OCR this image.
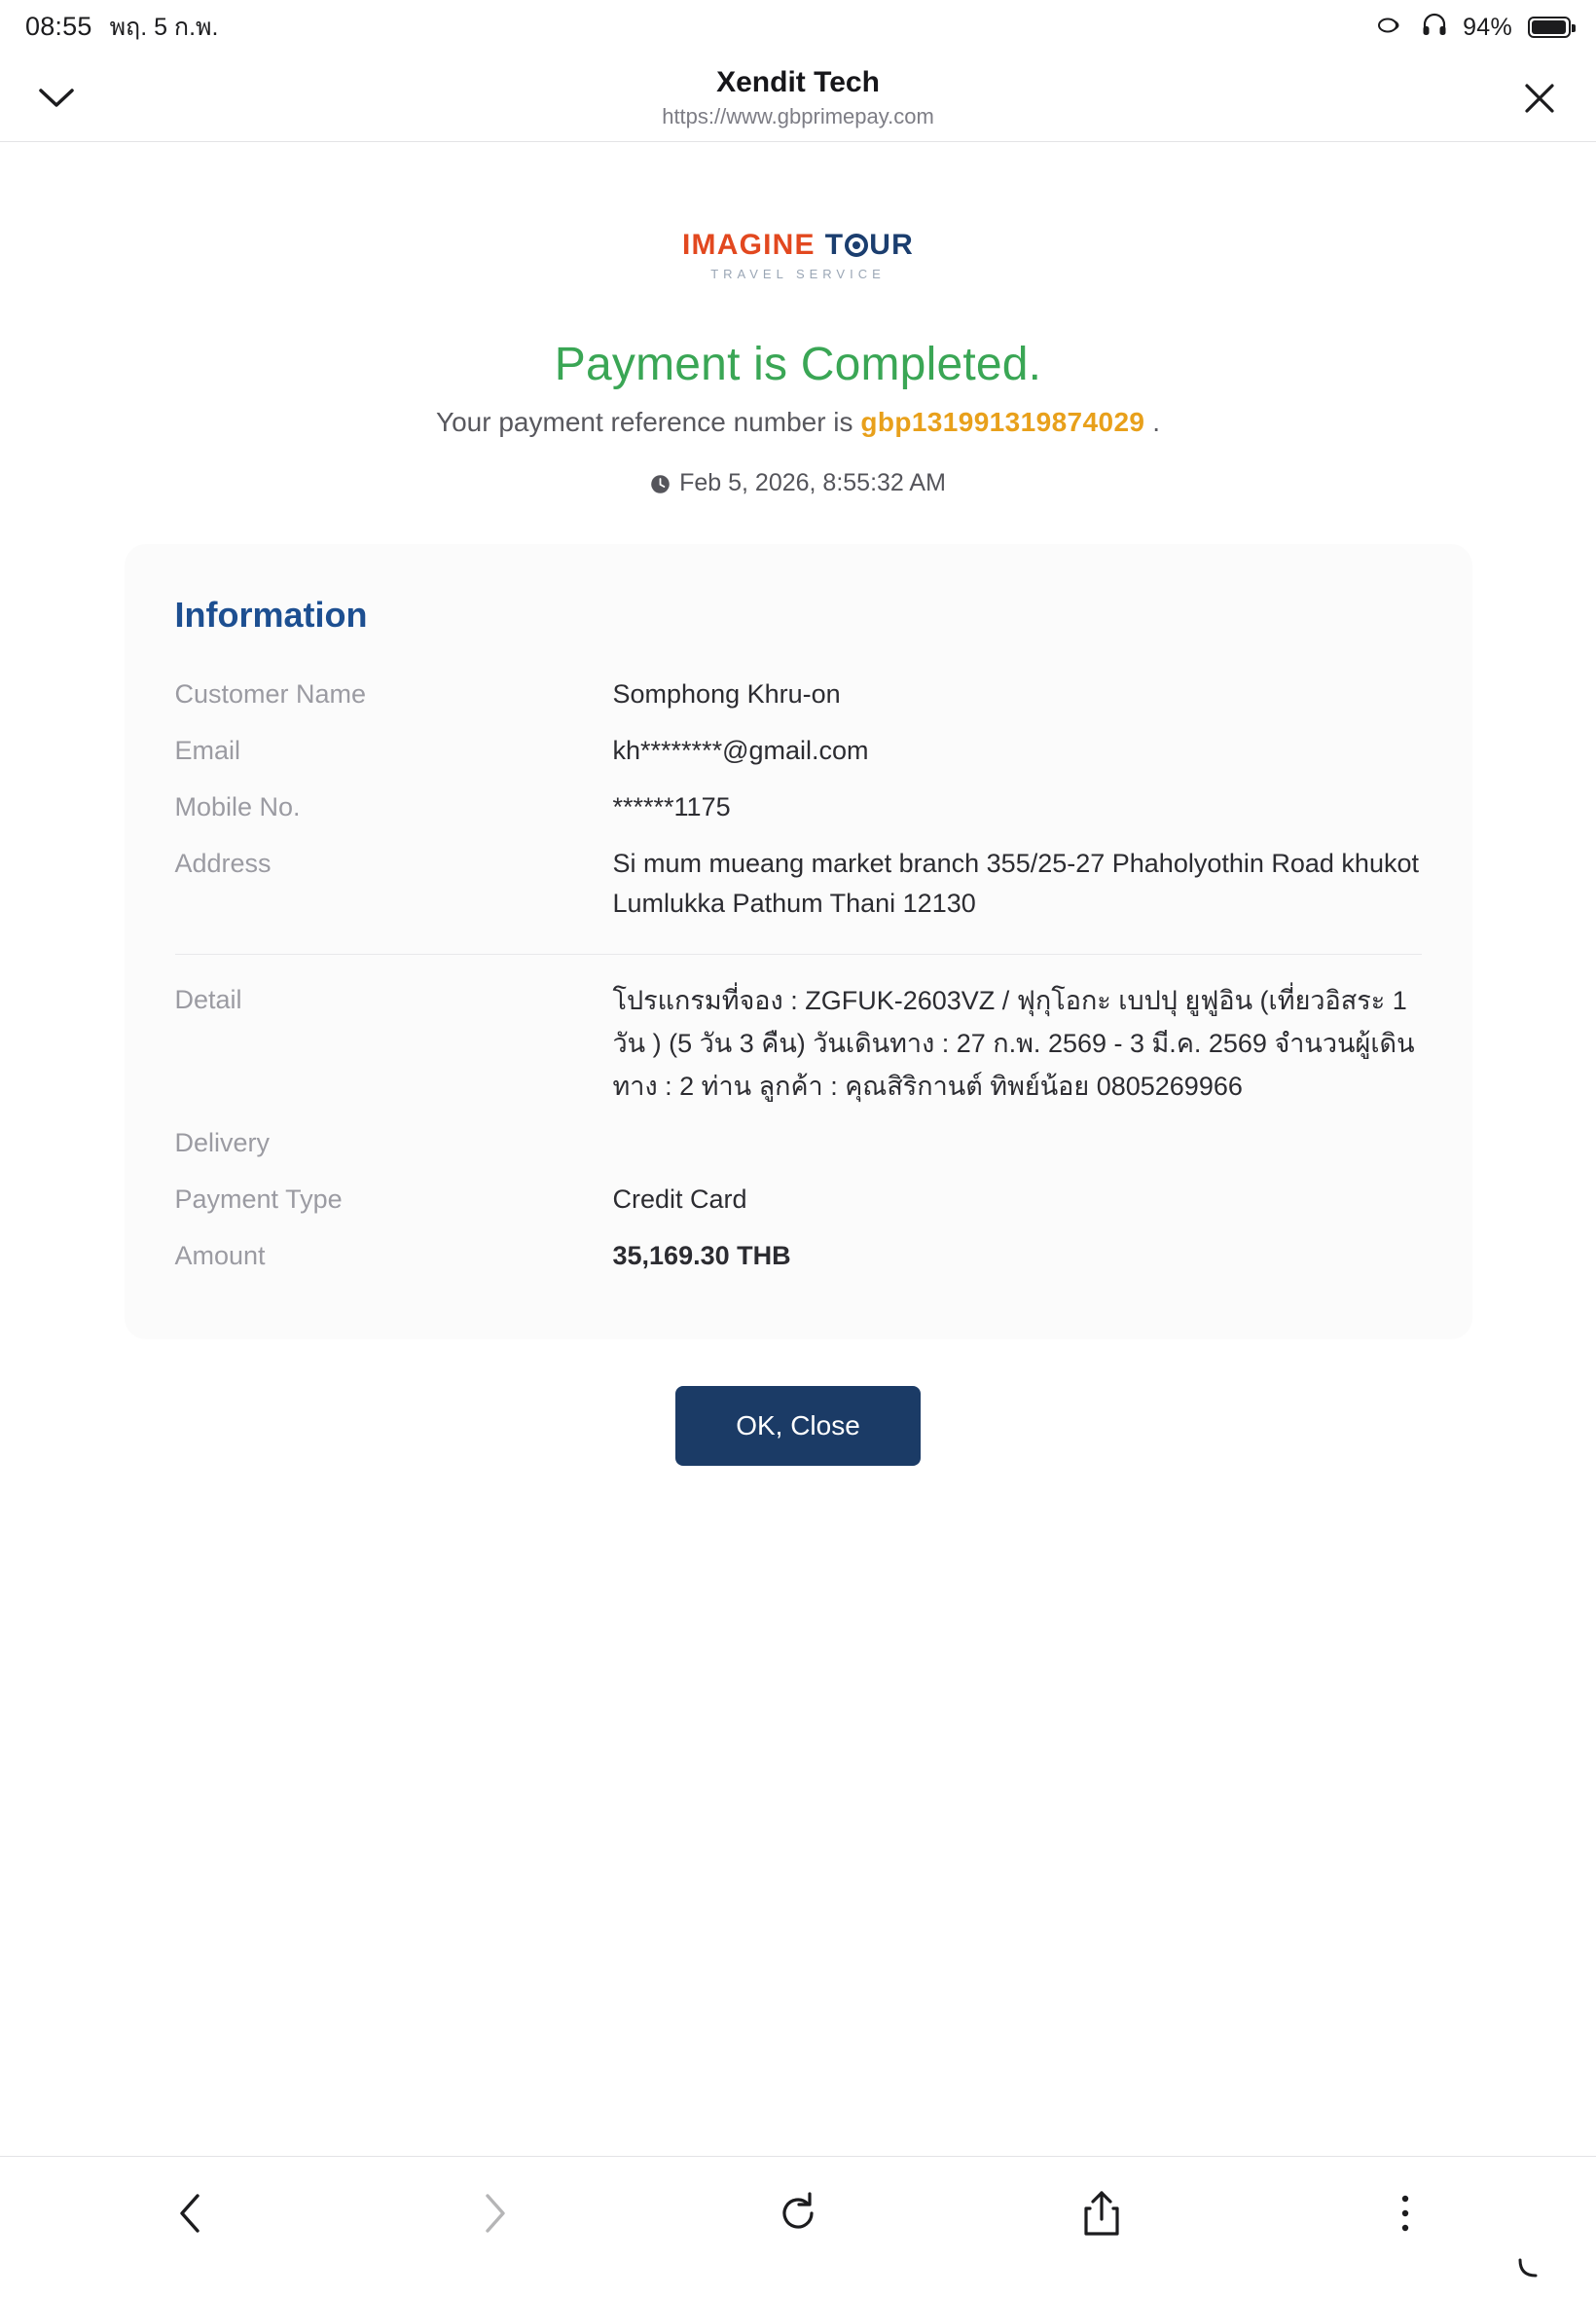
08:55 พฤ. 5 ก.พ.	94%
Xendit Tech
https://www.gbprimepay.com
IMAGINE T UR
TRAVEL SERVICE
Payment is Completed.
Your payment reference number is gbp131991319874029 .
Feb 5, 2026, 8:55:32 AM
Information
Customer Name	Somphong Khru-on
Email	kh********@gmail.com
Mobile No.	******1175
Address	Si mum mueang market branch 355/25-27 Phaholyothin Road khukot Lumlukka Pathum Thani 12130
Detail	โปรแกรมที่จอง : ZGFUK-2603VZ / ฟุกุโอกะ เบปปุ ยูฟูอิน (เที่ยวอิสระ 1 วัน ) (5 วัน 3 คืน) วันเดินทาง : 27 ก.พ. 2569 - 3 มี.ค. 2569 จำนวนผู้เดินทาง : 2 ท่าน ลูกค้า : คุณสิริกานต์ ทิพย์น้อย 0805269966
Delivery
Payment Type	Credit Card
Amount	35,169.30 THB
OK, Close
